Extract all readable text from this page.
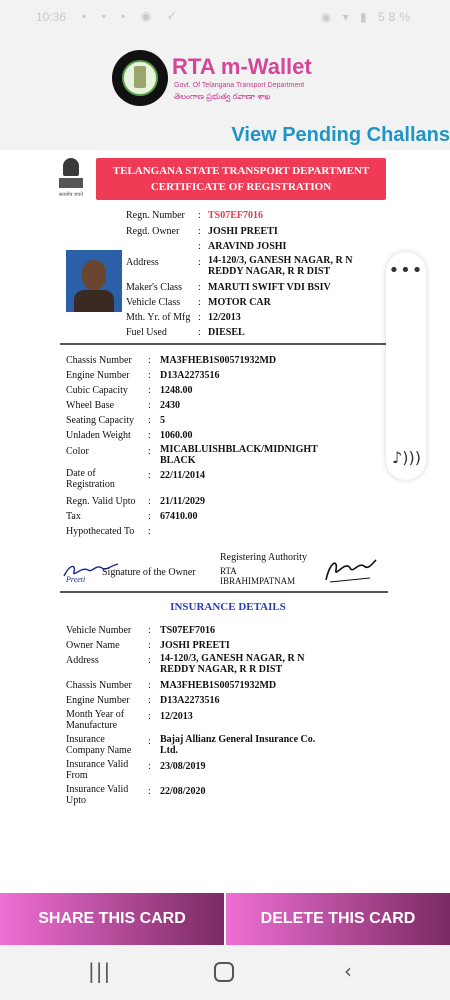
10:36 ▪ ▪ ▪ ◉ ✓	◉ ▾ ▮ 58%
RTA m-Wallet
Govt. Of Telangana Transport Department
తెలంగాణ ప్రభుత్వ రవాణా శాఖ
View Pending Challans
सत्यमेव जयते
TELANGANA STATE TRANSPORT DEPARTMENT
CERTIFICATE OF REGISTRATION
Regn. Number : TS07EF7016
Regd. Owner : JOSHI PREETI
: ARAVIND JOSHI
Address	: 14-120/3, GANESH NAGAR, R N REDDY NAGAR, R R DIST
Maker's Class : MARUTI SWIFT VDI BSIV
Vehicle Class : MOTOR CAR
Mth. Yr. of Mfg : 12/2013
Fuel Used	: DIESEL
Chassis Number : MA3FHEB1S00571932MD
Engine Number : D13A2273516
Cubic Capacity : 1248.00
Wheel Base	: 2430
Seating Capacity : 5
Unladen Weight : 1060.00
Color	: MICABLUISHBLACK/MIDNIGHT BLACK
Date of Registration
: 22/11/2014
Regn. Valid Upto : 21/11/2029
Tax	: 67410.00
Hypothecated To :
Preeti
Signature of the Owner
Registering Authority
RTA IBRAHIMPATNAM
INSURANCE DETAILS
Vehicle Number : TS07EF7016
Owner Name	: JOSHI PREETI
Address	: 14-120/3, GANESH NAGAR, R N REDDY NAGAR, R R DIST
Chassis Number : MA3FHEB1S00571932MD
Engine Number : D13A2273516
Month Year of Manufacture
: 12/2013
Insurance Company Name
: Bajaj Allianz General Insurance Co. Ltd.
Insurance Valid From
: 23/08/2019
Insurance Valid Upto
: 22/08/2020
•••
♪)))
SHARE THIS CARD	DELETE THIS CARD
|||	‹
